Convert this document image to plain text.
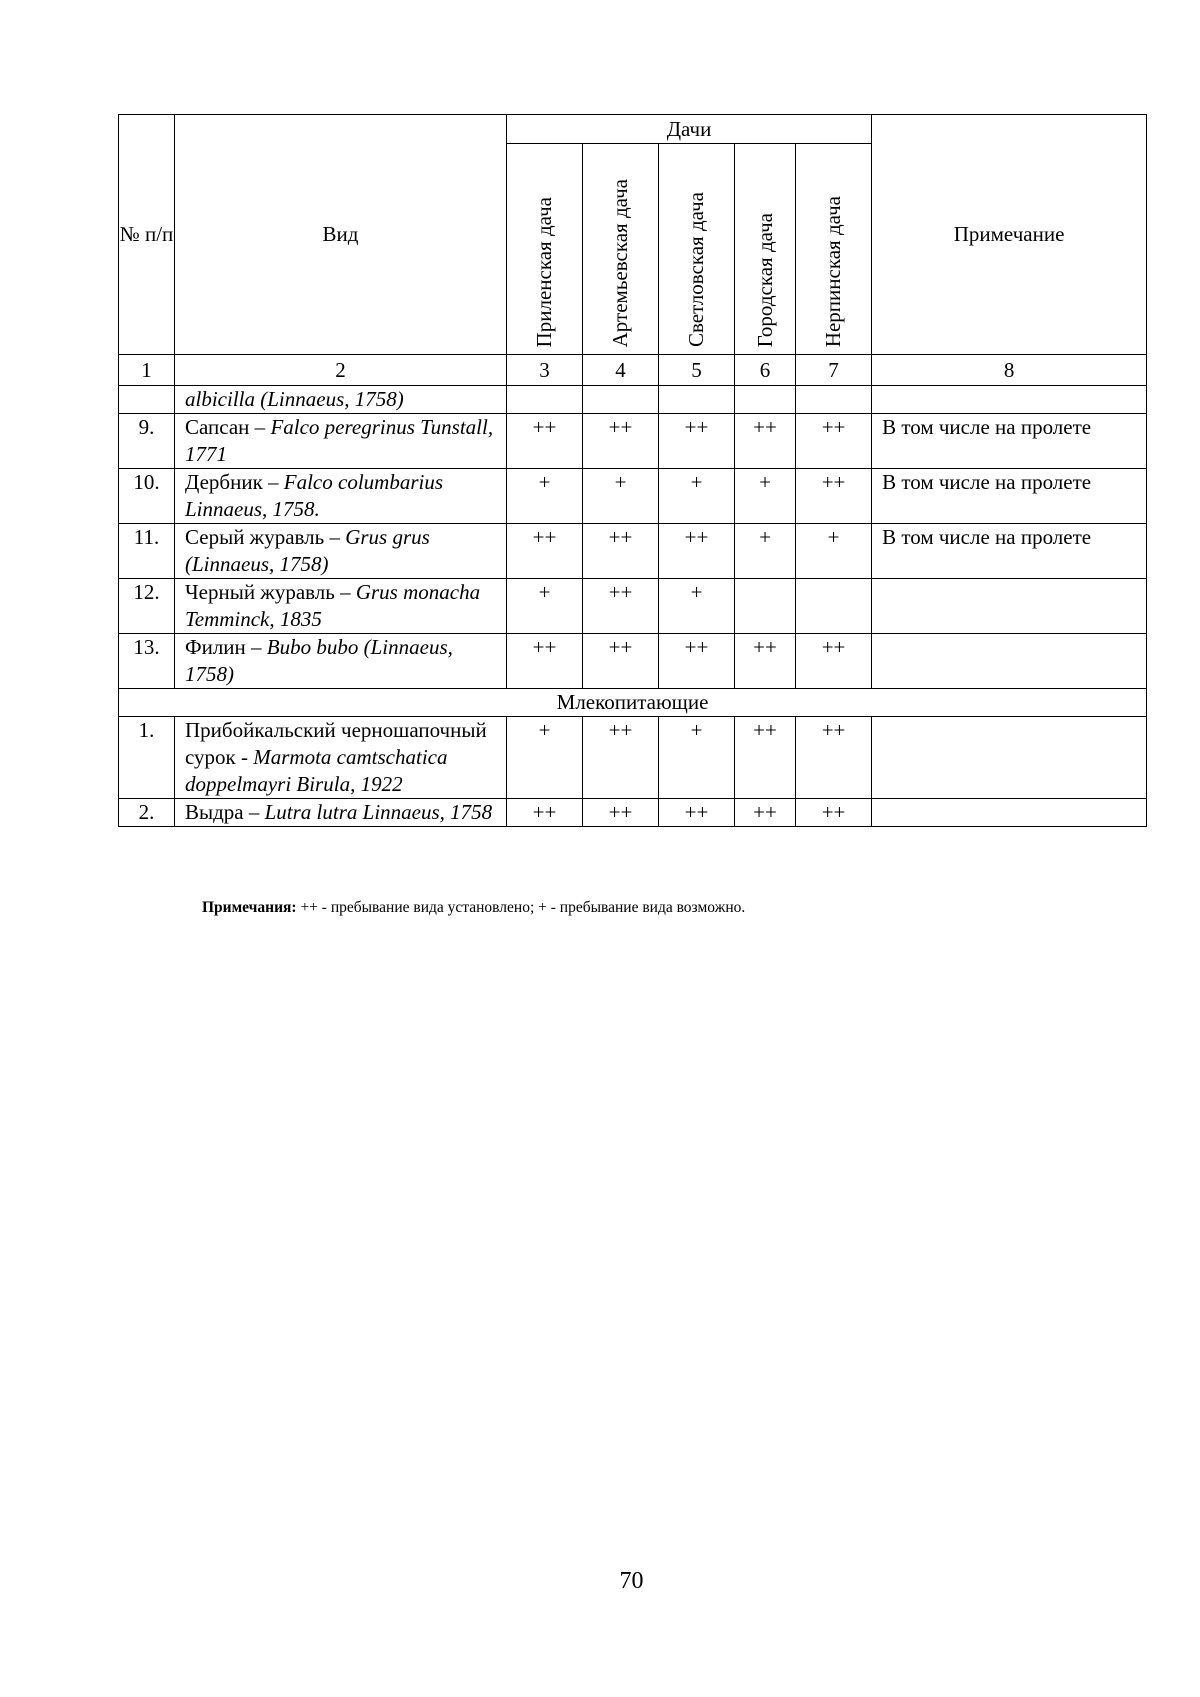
№ п/п	Вид	Дачи					Примечание
		Приленская дача	Артемьевская дача	Светловская дача	Городская дача	Нерпинская дача	
1	2	3	4	5	6	7	8
	albicilla (Linnaeus, 1758)						
9.	Сапсан – Falco peregrinus Tunstall, 1771	++	++	++	++	++	В том числе на пролете
10.	Дербник – Falco columbarius Linnaeus, 1758.	+	+	+	+	++	В том числе на пролете
11.	Серый журавль – Grus grus (Linnaeus, 1758)	++	++	++	+	+	В том числе на пролете
12.	Черный журавль – Grus monacha Temminck, 1835	+	++	+			
13.	Филин – Bubo bubo (Linnaeus, 1758)	++	++	++	++	++	
Млекопитающие							
1.	Прибойкальский черношапочный сурок - Marmota camtschatica doppelmayri Birula, 1922	+	++	+	++	++	
2.	Выдра – Lutra lutra Linnaeus, 1758	++	++	++	++	++	
Примечания: ++ - пребывание вида установлено; + - пребывание вида возможно.
70
